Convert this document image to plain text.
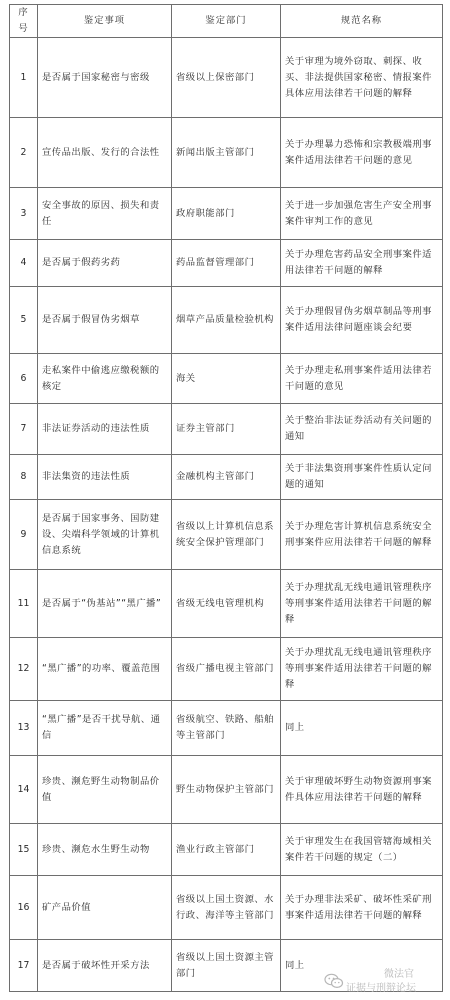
序号	鉴定事项	鉴定部门	规范名称
1	是否属于国家秘密与密级	省级以上保密部门	关于审理为境外窃取、刺探、收买、非法提供国家秘密、情报案件具体应用法律若干问题的解释
2	宣传品出版、发行的合法性	新闻出版主管部门	关于办理暴力恐怖和宗教极端刑事案件适用法律若干问题的意见
3	安全事故的原因、损失和责任	政府职能部门	关于进一步加强危害生产安全刑事案件审判工作的意见
4	是否属于假药劣药	药品监督管理部门	关于办理危害药品安全刑事案件适用法律若干问题的解释
5	是否属于假冒伪劣烟草	烟草产品质量检验机构	关于办理假冒伪劣烟草制品等刑事案件适用法律问题座谈会纪要
6	走私案件中偷逃应缴税额的核定	海关	关于办理走私刑事案件适用法律若干问题的意见
7	非法证券活动的违法性质	证券主管部门	关于整治非法证券活动有关问题的通知
8	非法集资的违法性质	金融机构主管部门	关于非法集资刑事案件性质认定问题的通知
9	是否属于国家事务、国防建设、尖端科学领域的计算机信息系统	省级以上计算机信息系统安全保护管理部门	关于办理危害计算机信息系统安全刑事案件应用法律若干问题的解释
11	是否属于“伪基站”“黑广播”	省级无线电管理机构	关于办理扰乱无线电通讯管理秩序等刑事案件适用法律若干问题的解释
12	“黑广播”的功率、覆盖范围	省级广播电视主管部门	关于办理扰乱无线电通讯管理秩序等刑事案件适用法律若干问题的解释
13	“黑广播”是否干扰导航、通信	省级航空、铁路、船舶等主管部门	同上
14	珍贵、濒危野生动物制品价值	野生动物保护主管部门	关于审理破坏野生动物资源刑事案件具体应用法律若干问题的解释
15	珍贵、濒危水生野生动物	渔业行政主管部门	关于审理发生在我国管辖海域相关案件若干问题的规定（二）
16	矿产品价值	省级以上国土资源、水行政、海洋等主管部门	关于办理非法采矿、破坏性采矿刑事案件适用法律若干问题的解释
17	是否属于破坏性开采方法	省级以上国土资源主管部门	同上
微法官
证据与刑辩论坛
